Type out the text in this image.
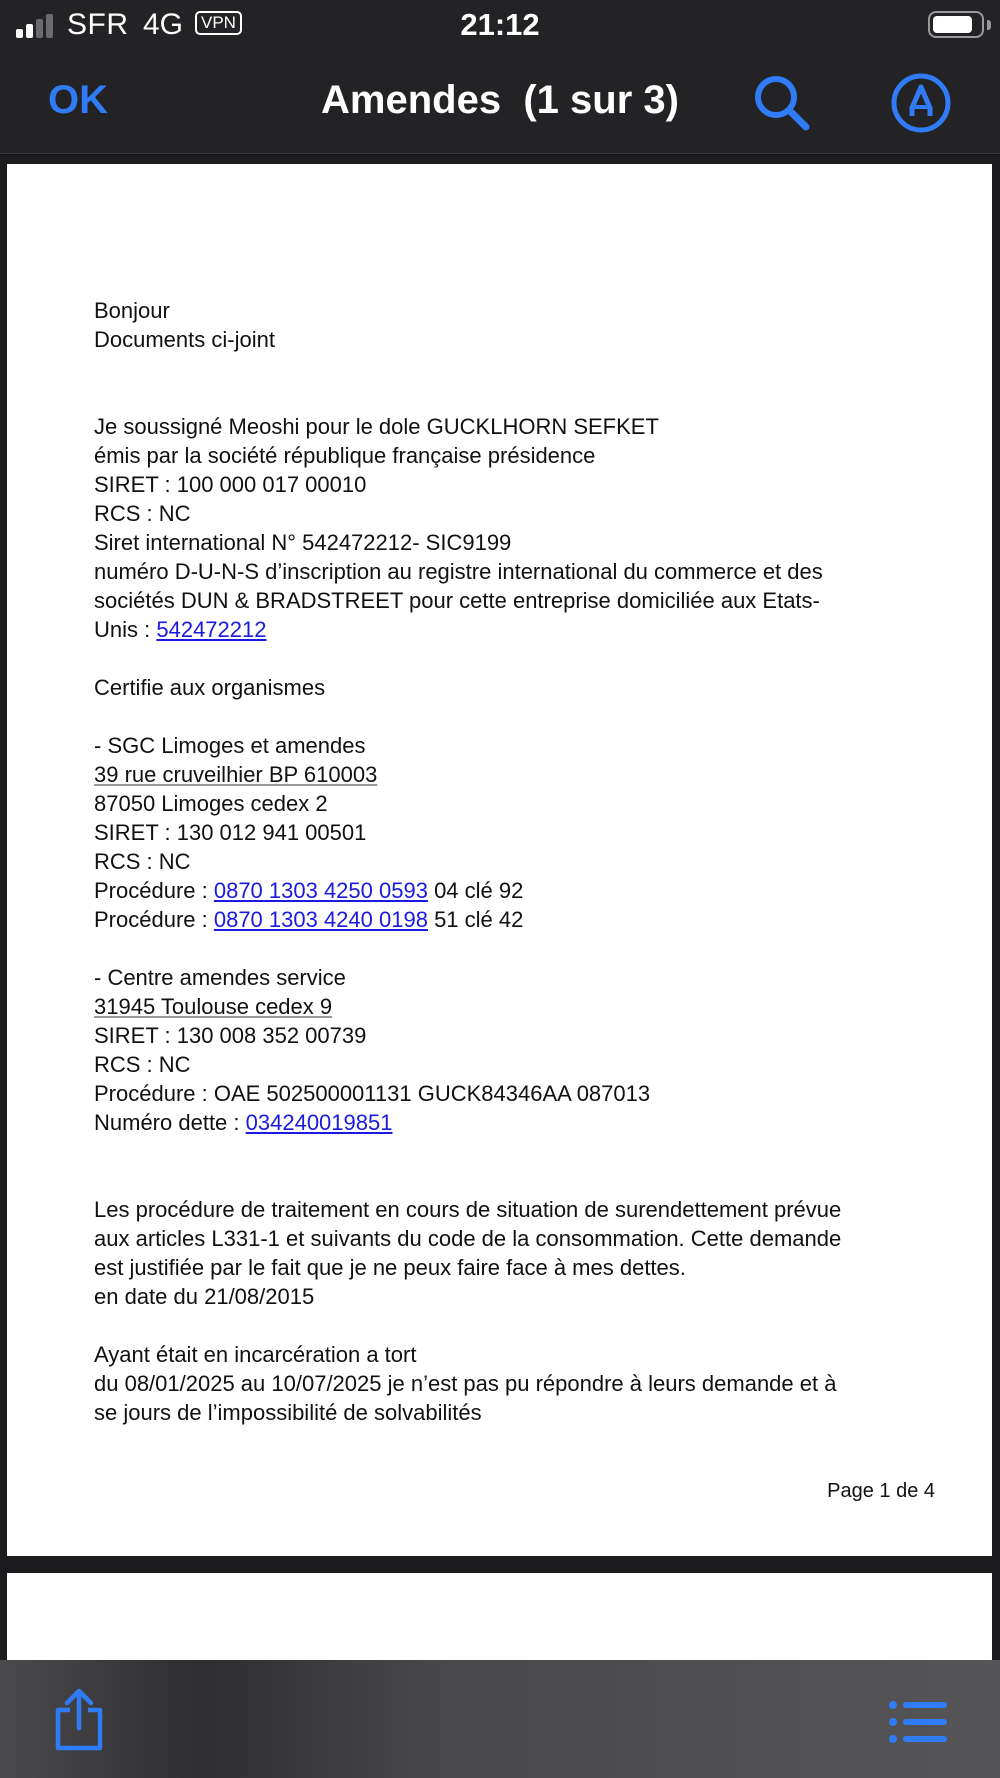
SFR 4G	VPN	21:12
OK	Amendes  (1 sur 3)

Bonjour

Documents ci-joint

Je soussigné Meoshi pour le dole GUCKLHORN SEFKET

émis par la société république française présidence

SIRET : 100 000 017 00010

RCS : NC

Siret international N° 542472212- SIC9199

numéro D-U-N-S d’inscription au registre international du commerce et des

sociétés DUN & BRADSTREET pour cette entreprise domiciliée aux Etats-

Unis : 542472212

Certifie aux organismes

- SGC Limoges et amendes

39 rue cruveilhier BP 610003

87050 Limoges cedex 2

SIRET : 130 012 941 00501

RCS : NC

Procédure : 0870 1303 4250 0593 04 clé 92

Procédure : 0870 1303 4240 0198 51 clé 42

- Centre amendes service

31945 Toulouse cedex 9

SIRET : 130 008 352 00739

RCS : NC

Procédure : OAE 502500001131 GUCK84346AA 087013

Numéro dette : 034240019851

Les procédure de traitement en cours de situation de surendettement prévue

aux articles L331-1 et suivants du code de la consommation. Cette demande

est justifiée par le fait que je ne peux faire face à mes dettes.

en date du 21/08/2015

Ayant était en incarcération a tort

du 08/01/2025 au 10/07/2025 je n’est pas pu répondre à leurs demande et à

se jours de l’impossibilité de solvabilités

Page 1 de 4
